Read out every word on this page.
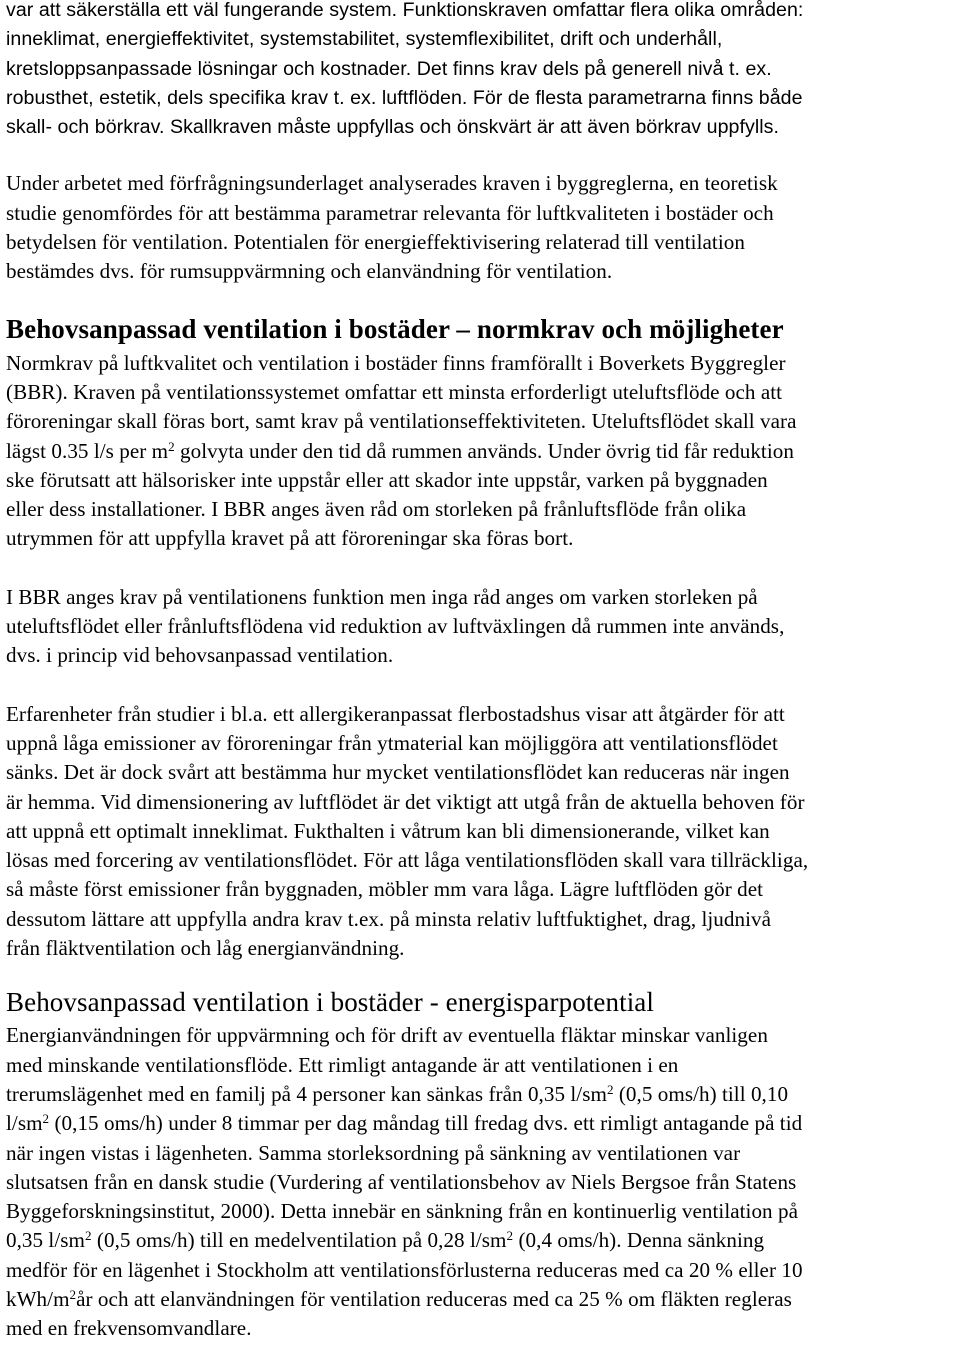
var att säkerställa ett väl fungerande system. Funktionskraven omfattar flera olika områden:
inneklimat, energieffektivitet, systemstabilitet, systemflexibilitet, drift och underhåll,
kretsloppsanpassade lösningar och kostnader. Det finns krav dels på generell nivå t. ex.
robusthet, estetik, dels specifika krav t. ex. luftflöden. För de flesta parametrarna finns både
skall- och börkrav. Skallkraven måste uppfyllas och önskvärt är att även börkrav uppfylls.

Under arbetet med förfrågningsunderlaget analyserades kraven i byggreglerna, en teoretisk
studie genomfördes för att bestämma parametrar relevanta för luftkvaliteten i bostäder och
betydelsen för ventilation. Potentialen för energieffektivisering relaterad till ventilation
bestämdes dvs. för rumsuppvärmning och elanvändning för ventilation.

Behovsanpassad ventilation i bostäder – normkrav och möjligheter

Normkrav på luftkvalitet och ventilation i bostäder finns framförallt i Boverkets Byggregler
(BBR). Kraven på ventilationssystemet omfattar ett minsta erforderligt uteluftsflöde och att
föroreningar skall föras bort, samt krav på ventilationseffektiviteten. Uteluftsflödet skall vara
lägst 0.35 l/s per $m^2$ golvyta under den tid då rummen används. Under övrig tid får reduktion
ske förutsatt att hälsorisker inte uppstår eller att skador inte uppstår, varken på byggnaden
eller dess installationer. I BBR anges även råd om storleken på frånluftsflöde från olika
utrymmen för att uppfylla kravet på att föroreningar ska föras bort.

I BBR anges krav på ventilationens funktion men inga råd anges om varken storleken på
uteluftsflödet eller frånluftsflödena vid reduktion av luftväxlingen då rummen inte används,
dvs. i princip vid behovsanpassad ventilation.

Erfarenheter från studier i bl.a. ett allergikeranpassat flerbostadshus visar att åtgärder för att
uppnå låga emissioner av föroreningar från ytmaterial kan möjliggöra att ventilationsflödet
sänks. Det är dock svårt att bestämma hur mycket ventilationsflödet kan reduceras när ingen
är hemma. Vid dimensionering av luftflödet är det viktigt att utgå från de aktuella behoven för
att uppnå ett optimalt inneklimat. Fukthalten i våtrum kan bli dimensionerande, vilket kan
lösas med forcering av ventilationsflödet. För att låga ventilationsflöden skall vara tillräckliga,
så måste först emissioner från byggnaden, möbler mm vara låga. Lägre luftflöden gör det
dessutom lättare att uppfylla andra krav t.ex. på minsta relativ luftfuktighet, drag, ljudnivå
från fläktventilation och låg energianvändning.

Behovsanpassad ventilation i bostäder - energisparpotential

Energianvändningen för uppvärmning och för drift av eventuella fläktar minskar vanligen
med minskande ventilationsflöde. Ett rimligt antagande är att ventilationen i en
trerumslägenhet med en familj på 4 personer kan sänkas från 0,35 $l/sm^2$ (0,5 oms/h) till 0,10
$l/sm^2$ (0,15 oms/h) under 8 timmar per dag måndag till fredag dvs. ett rimligt antagande på tid
när ingen vistas i lägenheten. Samma storleksordning på sänkning av ventilationen var
slutsatsen från en dansk studie (Vurdering af ventilationsbehov av Niels Bergsoe från Statens
Byggeforskningsinstitut, 2000). Detta innebär en sänkning från en kontinuerlig ventilation på
0,35 $l/sm^2$ (0,5 oms/h) till en medelventilation på 0,28 $l/sm^2$ (0,4 oms/h). Denna sänkning
medför för en lägenhet i Stockholm att ventilationsförlusterna reduceras med ca 20 % eller 10
kWh/$m^2år$ och att elanvändningen för ventilation reduceras med ca 25 % om fläkten regleras
med en frekvensomvandlare.
